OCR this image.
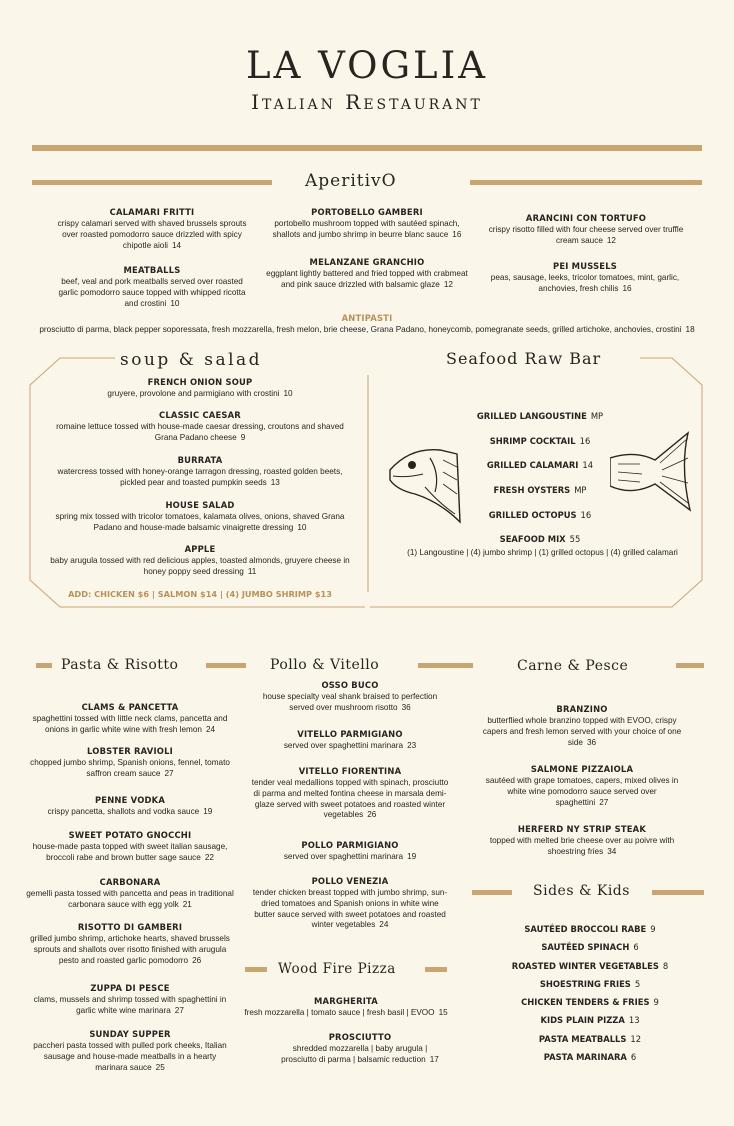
LA VOGLIA
Italian Restaurant
AperitivO
CALAMARI FRITTI
crispy calamari served with shaved brussels sprouts over roasted pomodorro sauce drizzled with spicy chipotle aioli 14
MEATBALLS
beef, veal and pork meatballs served over roasted garlic pomodorro sauce topped with whipped ricotta and crostini 10
PORTOBELLO GAMBERI
portobello mushroom topped with sautéed spinach, shallots and jumbo shrimp in beurre blanc sauce 16
MELANZANE GRANCHIO
eggplant lightly battered and fried topped with crabmeat and pink sauce drizzled with balsamic glaze 12
ARANCINI CON TORTUFO
crispy risotto filled with four cheese served over truffle cream sauce 12
PEI MUSSELS
peas, sausage, leeks, tricolor tomatoes, mint, garlic, anchovies, fresh chilis 16
ANTIPASTI
prosciutto di parma, black pepper soporessata, fresh mozzarella, fresh melon, brie cheese, Grana Padano, honeycomb, pomegranate seeds, grilled artichoke, anchovies, crostini 18
soup & salad	Seafood Raw Bar
FRENCH ONION SOUP
gruyere, provolone and parmigiano with crostini 10
CLASSIC CAESAR
romaine lettuce tossed with house-made caesar dressing, croutons and shaved Grana Padano cheese 9
BURRATA
watercress tossed with honey-orange tarragon dressing, roasted golden beets, pickled pear and toasted pumpkin seeds 13
HOUSE SALAD
spring mix tossed with tricolor tomatoes, kalamata olives, onions, shaved Grana Padano and house-made balsamic vinaigrette dressing 10
APPLE
baby arugula tossed with red delicious apples, toasted almonds, gruyere cheese in honey poppy seed dressing 11
ADD: CHICKEN $6 | SALMON $14 | (4) JUMBO SHRIMP $13
GRILLED LANGOUSTINE MP
SHRIMP COCKTAIL 16
GRILLED CALAMARI 14
FRESH OYSTERS MP
GRILLED OCTOPUS 16
SEAFOOD MIX 55
(1) Langoustine | (4) jumbo shrimp | (1) grilled octopus | (4) grilled calamari
Pasta & Risotto	Pollo & Vitello	Carne & Pesce
CLAMS & PANCETTA
spaghettini tossed with little neck clams, pancetta and onions in garlic white wine with fresh lemon 24
LOBSTER RAVIOLI
chopped jumbo shrimp, Spanish onions, fennel, tomato saffron cream sauce 27
PENNE VODKA
crispy pancetta, shallots and vodka sauce 19
SWEET POTATO GNOCCHI
house-made pasta topped with sweet italian sausage, broccoli rabe and brown butter sage sauce 22
CARBONARA
gemelli pasta tossed with pancetta and peas in traditional carbonara sauce with egg yolk 21
RISOTTO DI GAMBERI
grilled jumbo shrimp, artichoke hearts, shaved brussels sprouts and shallots over risotto finished with arugula pesto and roasted garlic pomodorro 26
ZUPPA DI PESCE
clams, mussels and shrimp tossed with spaghettini in garlic white wine marinara 27
SUNDAY SUPPER
paccheri pasta tossed with pulled pork cheeks, Italian sausage and house-made meatballs in a hearty marinara sauce 25
OSSO BUCO
house specialty veal shank braised to perfection served over mushroom risotto 36
VITELLO PARMIGIANO
served over spaghettini marinara 23
VITELLO FIORENTINA
tender veal medallions topped with spinach, prosciutto di parma and melted fontina cheese in marsala demi-glaze served with sweet potatoes and roasted winter vegetables 26
POLLO PARMIGIANO
served over spaghettini marinara 19
POLLO VENEZIA
tender chicken breast topped with jumbo shrimp, sun-dried tomatoes and Spanish onions in white wine butter sauce served with sweet potatoes and roasted winter vegetables 24
Wood Fire Pizza
MARGHERITA
fresh mozzarella | tomato sauce | fresh basil | EVOO 15
PROSCIUTTO
shredded mozzarella | baby arugula | prosciutto di parma | balsamic reduction 17
BRANZINO
butterflied whole branzino topped with EVOO, crispy capers and fresh lemon served with your choice of one side 36
SALMONE PIZZAIOLA
sautéed with grape tomatoes, capers, mixed olives in white wine pomodorro sauce served over spaghettini 27
HERFERD NY STRIP STEAK
topped with melted brie cheese over au poivre with shoestring fries 34
Sides & Kids
SAUTÉED BROCCOLI RABE 9
SAUTÉED SPINACH 6
ROASTED WINTER VEGETABLES 8
SHOESTRING FRIES 5
CHICKEN TENDERS & FRIES 9
KIDS PLAIN PIZZA 13
PASTA MEATBALLS 12
PASTA MARINARA 6
